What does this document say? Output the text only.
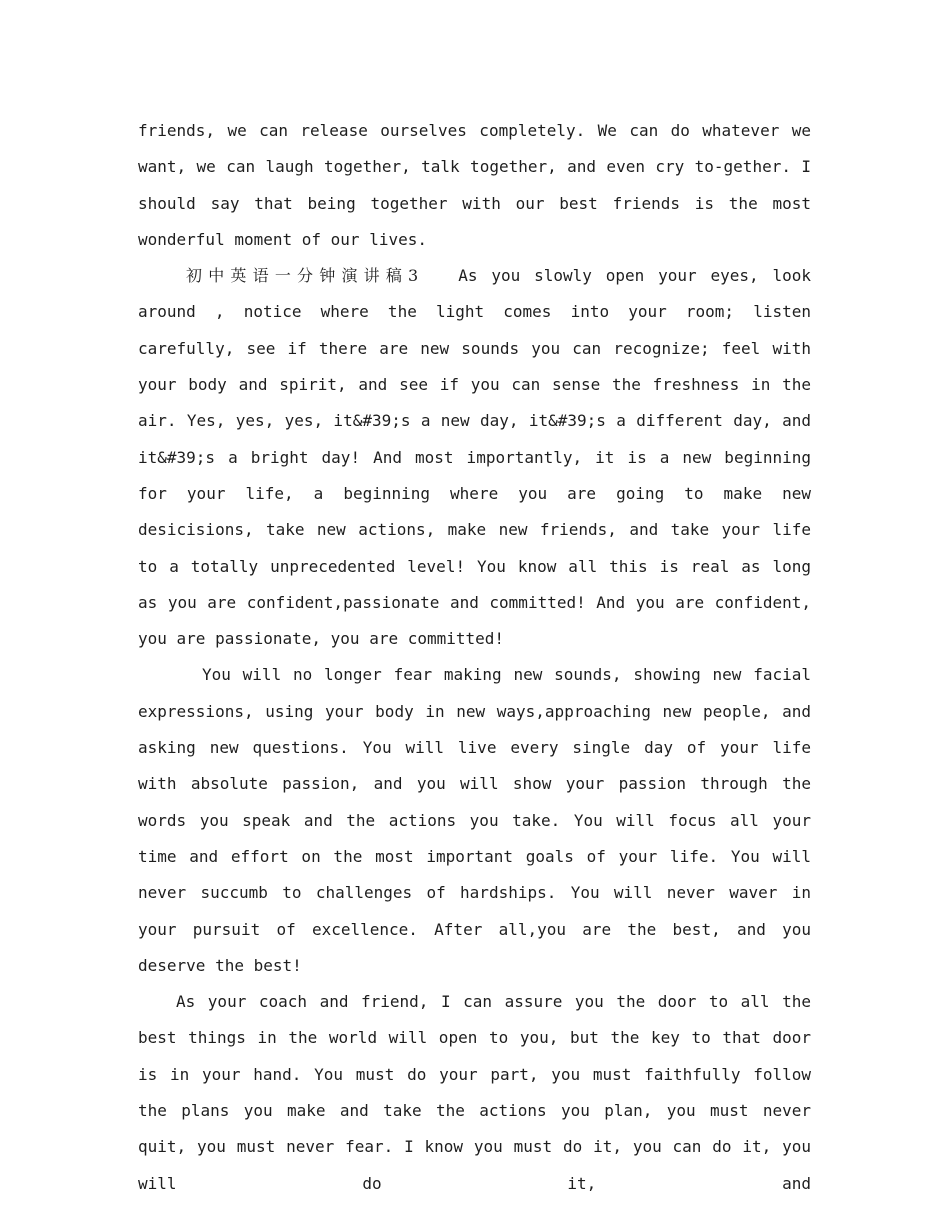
friends, we can release ourselves completely. We can do whatever we want, we can laugh together, talk together, and even cry to-gether. I should say that being together with our best friends is the most wonderful moment of our lives.

初中英语一分钟演讲稿3 As you slowly open your eyes, look around , notice where the light comes into your room; listen carefully, see if there are new sounds you can recognize; feel with your body and spirit, and see if you can sense the freshness in the air. Yes, yes, yes, it&#39;s a new day, it&#39;s a different day, and it&#39;s a bright day! And most importantly, it is a new beginning for your life, a beginning where you are going to make new desicisions, take new actions, make new friends, and take your life to a totally unprecedented level! You know all this is real as long as you are confident,passionate and committed! And you are confident, you are passionate, you are committed!

You will no longer fear making new sounds, showing new facial expressions, using your body in new ways,approaching new people, and asking new questions. You will live every single day of your life with absolute passion, and you will show your passion through the words you speak and the actions you take. You will focus all your time and effort on the most important goals of your life. You will never succumb to challenges of hardships. You will never waver in your pursuit of excellence. After all,you are the best, and you deserve the best!

As your coach and friend, I can assure you the door to all the best things in the world will open to you, but the key to that door is in your hand. You must do your part, you must faithfully follow the plans you make and take the actions you plan, you must never quit, you must never fear. I know you must do it, you can do it, you will do it, and
